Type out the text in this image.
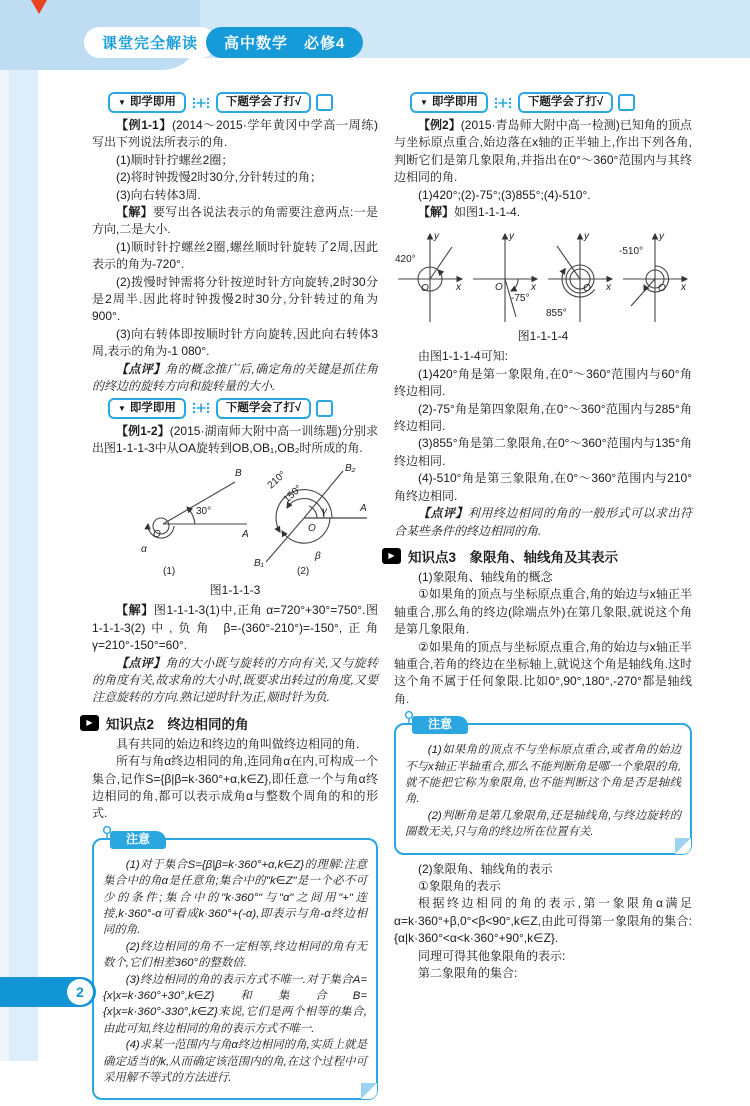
课堂完全解读	高中数学　必修4
▼ 即学即用	下题学会了打√

【例1-1】(2014～2015·学年黄冈中学高一周练)写出下列说法所表示的角.

(1)顺时针拧螺丝2圈；

(2)将时钟拨慢2时30分,分针转过的角；

(3)向右转体3周.

【解】要写出各说法表示的角需要注意两点:一是方向,二是大小.

(1)顺时针拧螺丝2圈,螺丝顺时针旋转了2周,因此表示的角为-720°.

(2)拨慢时钟需将分针按逆时针方向旋转,2时30分是2周半.因此将时钟拨慢2时30分,分针转过的角为900°.

(3)向右转体即按顺时针方向旋转,因此向右转体3周,表示的角为-1 080°.

【点评】角的概念推广后,确定角的关键是抓住角的终边的旋转方向和旋转量的大小.

▼ 即学即用	下题学会了打√

【例1-2】(2015·湖南师大附中高一训练题)分别求出图1-1-1-3中从OA旋转到OB,OB₁,OB₂时所成的角.

B
30°
O	A
α
(1)
B₂
210°
150°
γ	A
O
B₁
β
(2)
图1-1-1-3

【解】图1-1-1-3(1)中,正角 α=720°+30°=750°.图1-1-1-3(2)中,负角 β=-(360°-210°)=-150°,正角 γ=210°-150°=60°.

【点评】角的大小既与旋转的方向有关,又与旋转的角度有关,故求角的大小时,既要求出转过的角度,又要注意旋转的方向.熟记逆时针为正,顺时针为负.

▶ 知识点2　终边相同的角

具有共同的始边和终边的角叫做终边相同的角.

所有与角α终边相同的角,连同角α在内,可构成一个集合,记作S={β|β=k·360°+α,k∈Z},即任意一个与角α终边相同的角,都可以表示成角α与整数个周角的和的形式.

注意

(1)对于集合S={β|β=k·360°+α,k∈Z}的理解:注意集合中的角α是任意角;集合中的"k∈Z"是一个必不可少的条件;集合中的"k·360°"与"α"之间用"+"连接,k·360°-α可看成k·360°+(-α),即表示与角-α终边相同的角.

(2)终边相同的角不一定相等,终边相同的角有无数个,它们相差360°的整数倍.

(3)终边相同的角的表示方式不唯一.对于集合A={x|x=k·360°+30°,k∈Z}和集合B={x|x=k·360°-330°,k∈Z}来说,它们是两个相等的集合,由此可知,终边相同的角的表示方式不唯一.

(4)求某一范围内与角α终边相同的角,实质上就是确定适当的k,从而确定该范围内的角,在这个过程中可采用解不等式的方法进行.

▼ 即学即用	下题学会了打√

【例2】(2015·青岛师大附中高一检测)已知角的顶点与坐标原点重合,始边落在x轴的正半轴上,作出下列各角,判断它们是第几象限角,并指出在0°～360°范围内与其终边相同的角.

(1)420°;(2)-75°;(3)855°;(4)-510°.

【解】如图1-1-1-4.

y
x
O
420°
y
x
O
-75°
y
x
O
855°
y
x
O
-510°
图1-1-1-4

由图1-1-1-4可知:

(1)420°角是第一象限角,在0°～360°范围内与60°角终边相同.

(2)-75°角是第四象限角,在0°～360°范围内与285°角终边相同.

(3)855°角是第二象限角,在0°～360°范围内与135°角终边相同.

(4)-510°角是第三象限角,在0°～360°范围内与210°角终边相同.

【点评】利用终边相同的角的一般形式可以求出符合某些条件的终边相同的角.

▶ 知识点3　象限角、轴线角及其表示

(1)象限角、轴线角的概念

①如果角的顶点与坐标原点重合,角的始边与x轴正半轴重合,那么角的终边(除端点外)在第几象限,就说这个角是第几象限角.

②如果角的顶点与坐标原点重合,角的始边与x轴正半轴重合,若角的终边在坐标轴上,就说这个角是轴线角.这时这个角不属于任何象限.比如0°,90°,180°,-270°都是轴线角.

注意

(1)如果角的顶点不与坐标原点重合,或者角的始边不与x轴正半轴重合,那么不能判断角是哪一个象限的角,就不能把它称为象限角,也不能判断这个角是否是轴线角.

(2)判断角是第几象限角,还是轴线角,与终边旋转的圈数无关,只与角的终边所在位置有关.

(2)象限角、轴线角的表示

①象限角的表示

根据终边相同的角的表示,第一象限角α满足α=k·360°+β,0°<β<90°,k∈Z,由此可得第一象限角的集合:{α|k·360°<α<k·360°+90°,k∈Z}.

同理可得其他象限角的表示:

第二象限角的集合:

2
